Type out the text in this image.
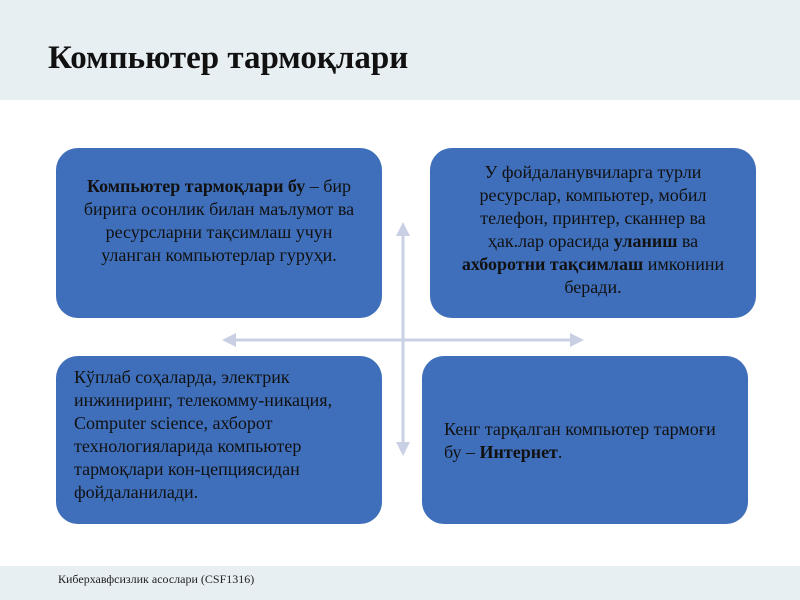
Компьютер тармоқлари
Компьютер тармоқлари бу – бир бирига осонлик билан маълумот ва ресурсларни тақсимлаш учун уланган компьютерлар гуруҳи.
У фойдаланувчиларга турли ресурслар, компьютер, мобил телефон, принтер, сканнер ва ҳак.лар орасида уланиш ва ахборотни тақсимлаш имконини беради.
Кўплаб соҳаларда, электрик инжиниринг, телекомму-никация, Computer science, ахборот технологияларида компьютер тармоқлари кон-цепциясидан фойдаланилади.
Кенг тарқалган компьютер тармоғи бу – Интернет.
Киберхавфсизлик асослари (CSF1316)
